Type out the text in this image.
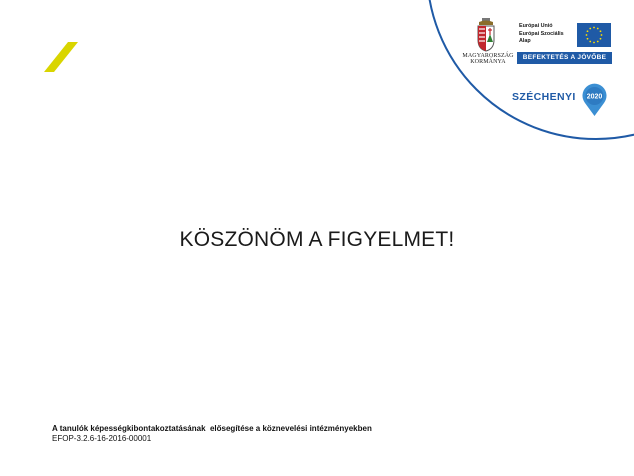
MAGYARORSZÁG
KORMÁNYA
Európai Unió
Európai Szociális
Alap
BEFEKTETÉS A JÖVŐBE
SZÉCHENYI 2020
KÖSZÖNÖM A FIGYELMET!
A tanulók képességkibontakoztatásának  elősegítése a köznevelési intézményekben
EFOP-3.2.6-16-2016-00001
